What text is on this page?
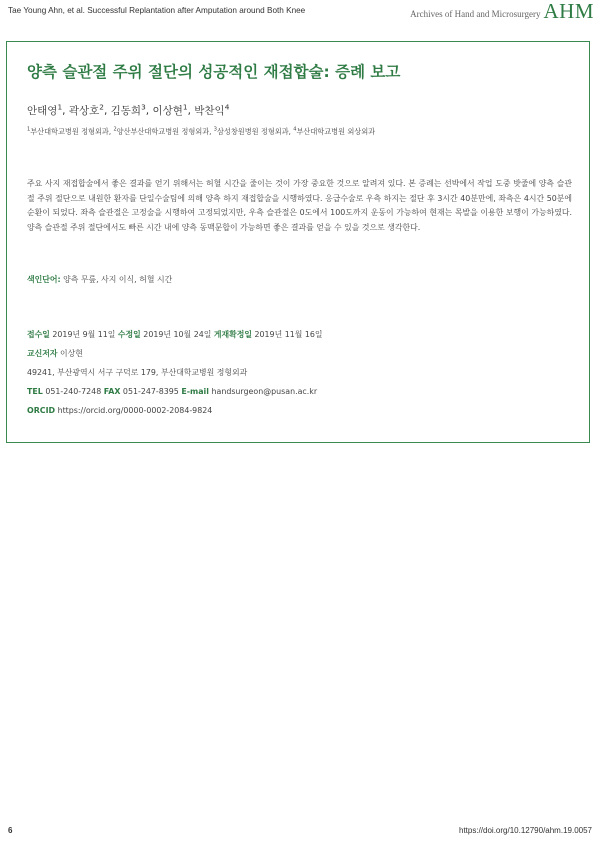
Tae Young Ahn, et al. Successful Replantation after Amputation around Both Knee	Archives of Hand and Microsurgery AHM
양측 슬관절 주위 절단의 성공적인 재접합술: 증례 보고
안태영$^1$, 곽상호$^2$, 김동희$^3$, 이상현$^1$, 박찬익$^4$
$^1$부산대학교병원 정형외과, $^2$양산부산대학교병원 정형외과, $^3$삼성창원병원 정형외과, $^4$부산대학교병원 외상외과

주요 사지 재접합술에서 좋은 결과를 얻기 위해서는 허혈 시간을 줄이는 것이 가장 중요한 것으로 알려져 있다. 본 증례는 선박에서 작업 도중 밧줄에 양측 슬관절 주위 절단으로 내원한 환자를 단일수술팀에 의해 양측 하지 재접합술을 시행하였다. 응급수술로 우측 하지는 절단 후 3시간 40분만에, 좌측은 4시간 50분에 순환이 되었다. 좌측 슬관절은 고정술을 시행하여 고정되었지만, 우측 슬관절은 0도에서 100도까지 운동이 가능하여 현재는 목발을 이용한 보행이 가능하였다. 양측 슬관절 주위 절단에서도 빠른 시간 내에 양측 동맥문합이 가능하면 좋은 결과를 얻을 수 있을 것으로 생각한다.

색인단어: 양측 무릎, 사지 이식, 허혈 시간
접수일 2019년 9월 11일 수정일 2019년 10월 24일 게재확정일 2019년 11월 16일
교신저자 이상현
49241, 부산광역시 서구 구덕로 179, 부산대학교병원 정형외과
TEL 051-240-7248 FAX 051-247-8395 E-mail handsurgeon@pusan.ac.kr
ORCID https://orcid.org/0000-0002-2084-9824
6	https://doi.org/10.12790/ahm.19.0057
